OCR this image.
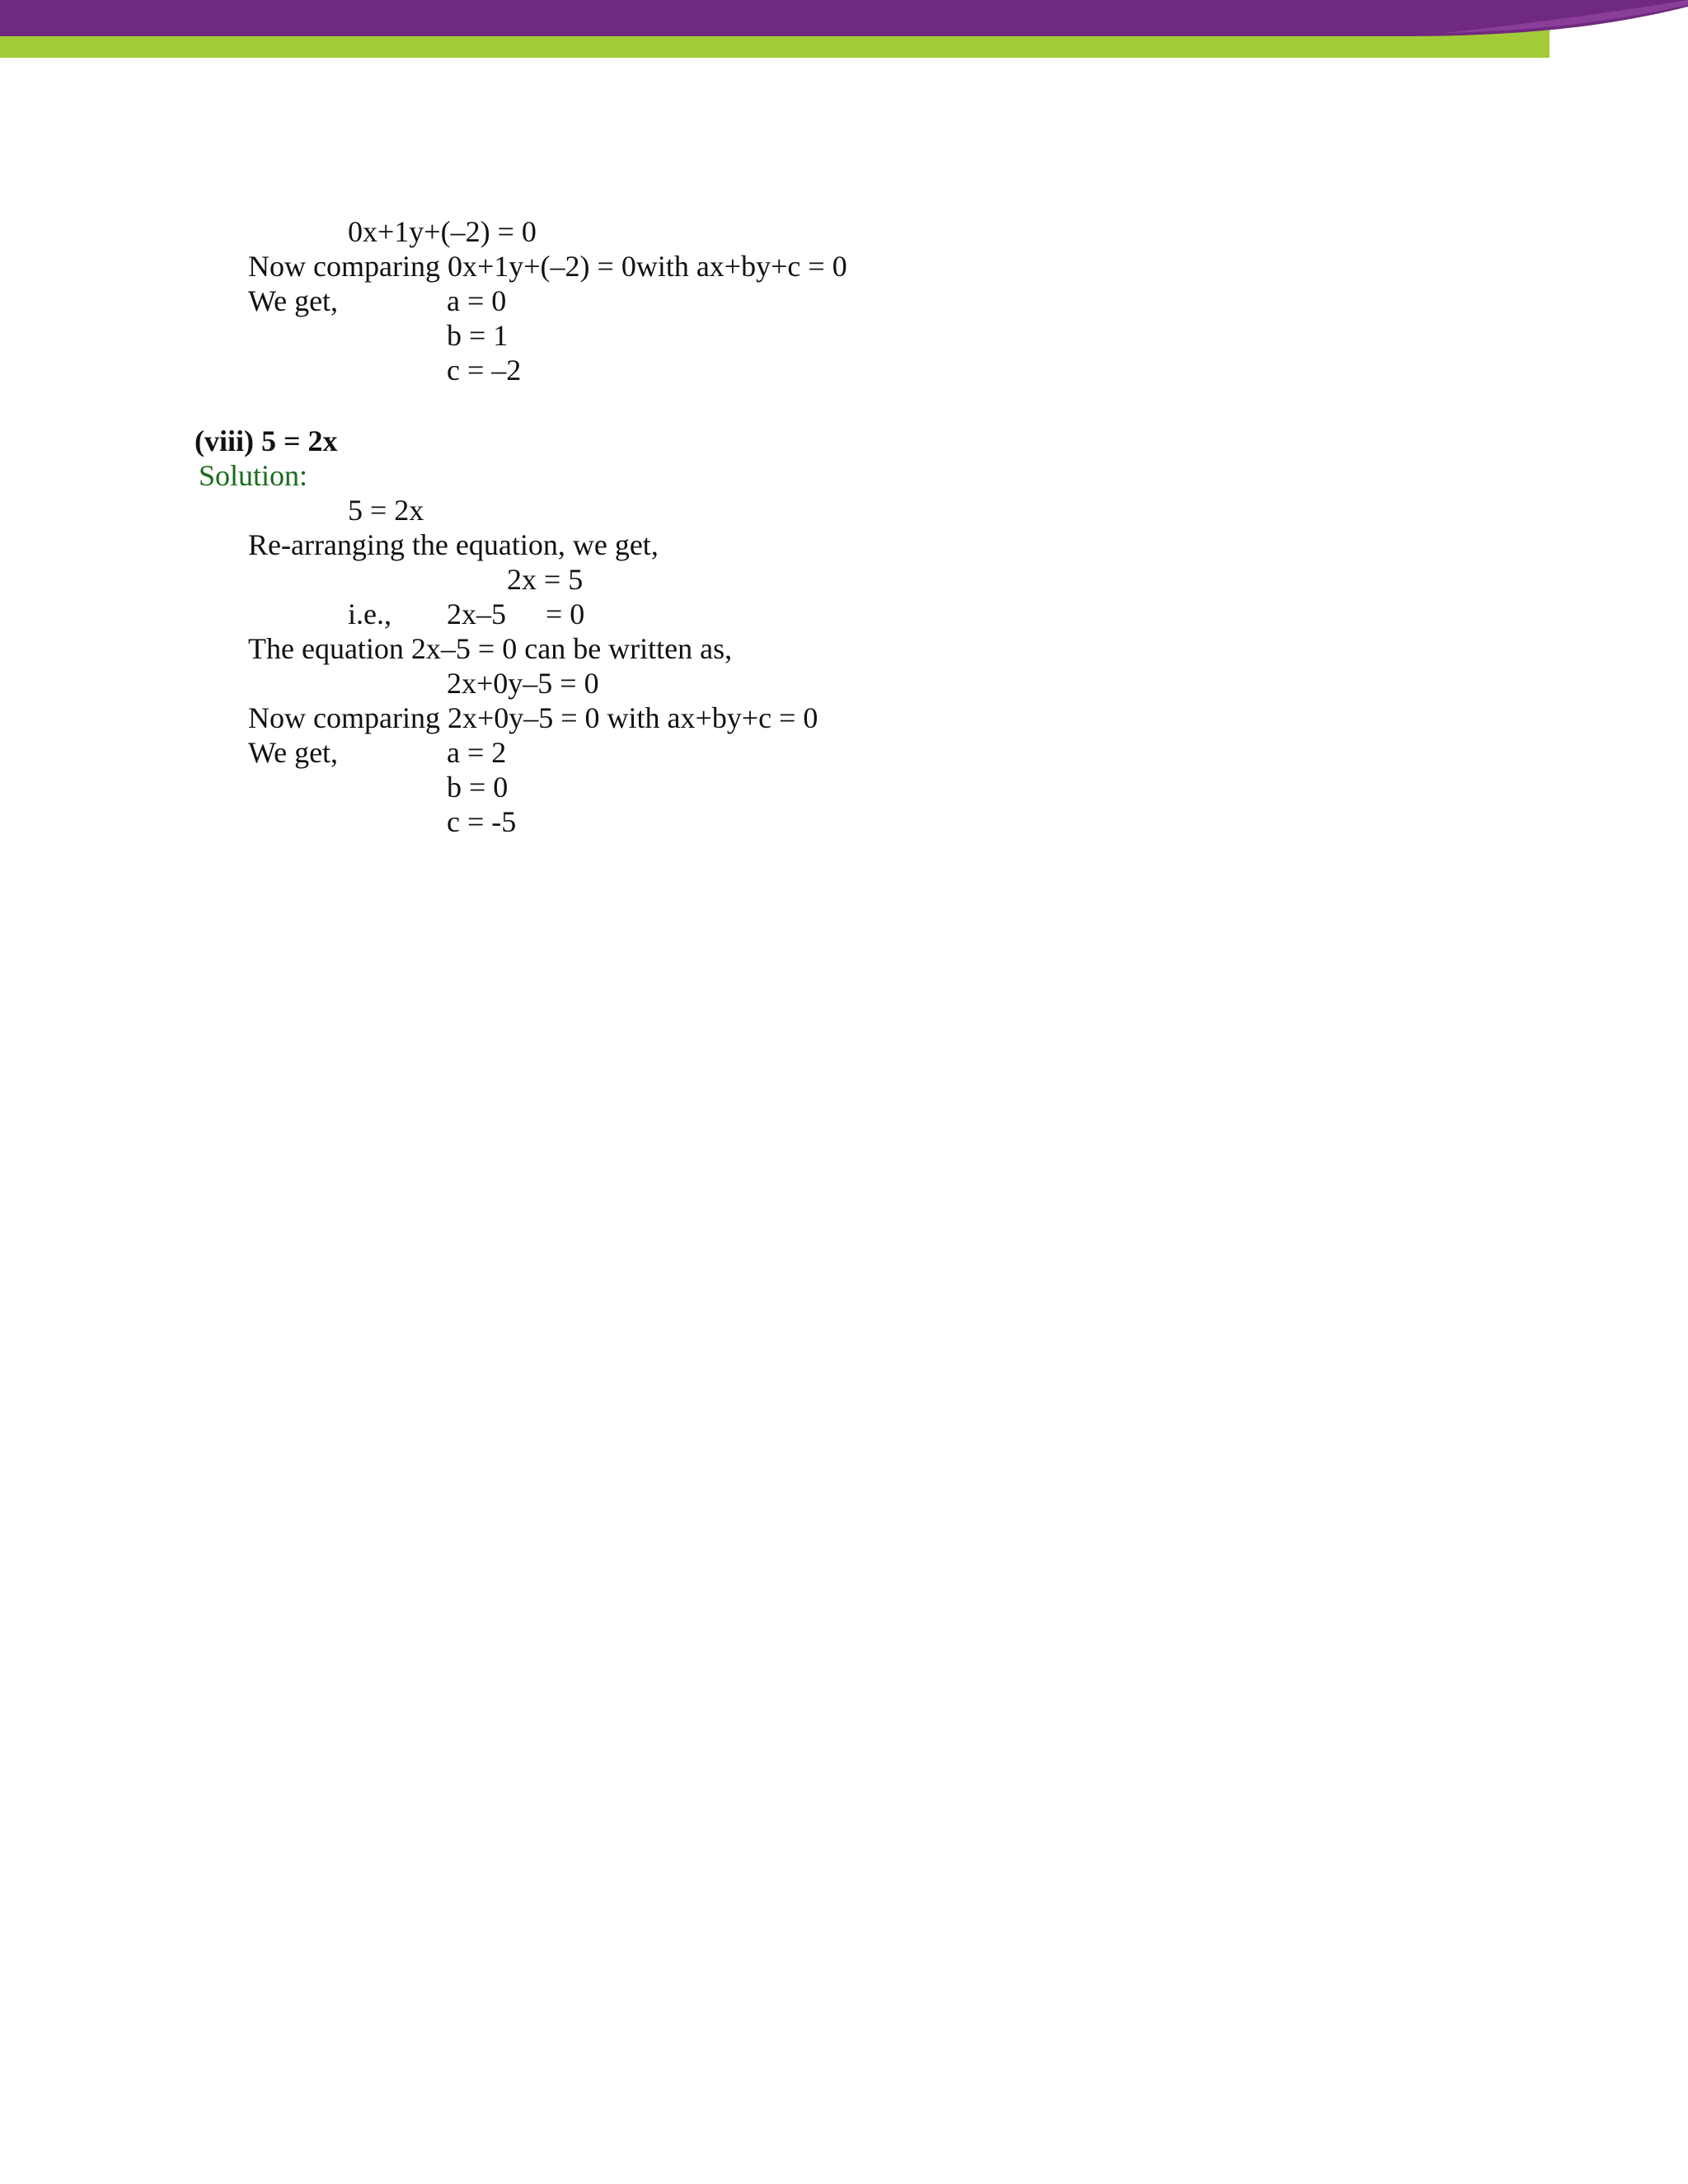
0x+1y+(–2) = 0
Now comparing 0x+1y+(–2) = 0with ax+by+c = 0
We get,	a = 0
b = 1
c = –2
(viii) 5 = 2x
Solution:
5 = 2x
Re-arranging the equation, we get,
2x = 5
i.e., 2x–5 = 0
The equation 2x–5 = 0 can be written as,
2x+0y–5 = 0
Now comparing 2x+0y–5 = 0 with ax+by+c = 0
We get,	a = 2
b = 0
c = -5
